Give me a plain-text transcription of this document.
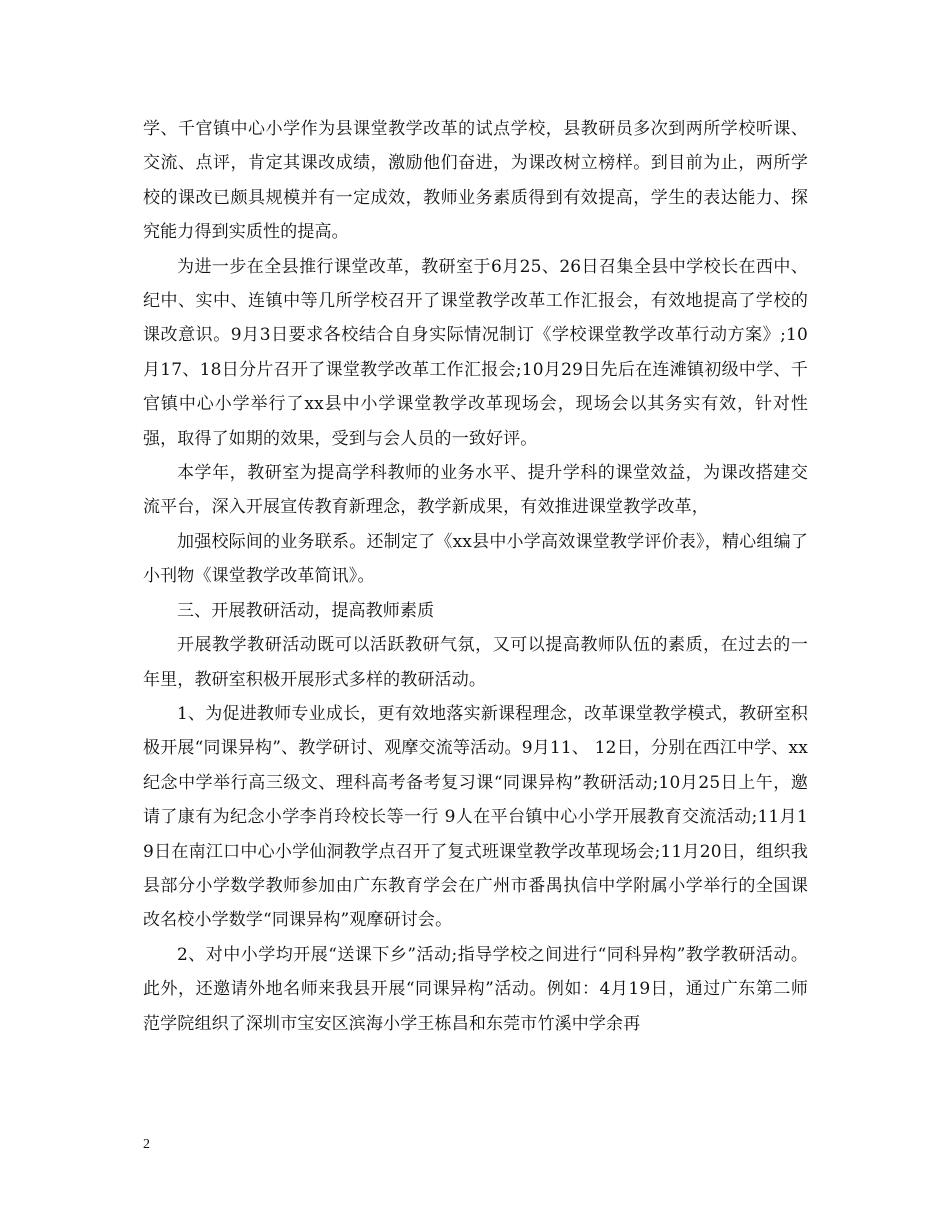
学、千官镇中心小学作为县课堂教学改革的试点学校，县教研员多次到两所学校听课、交流、点评，肯定其课改成绩，激励他们奋进，为课改树立榜样。到目前为止，两所学校的课改已颇具规模并有一定成效，教师业务素质得到有效提高，学生的表达能力、探究能力得到实质性的提高。

为进一步在全县推行课堂改革，教研室于6月25、26日召集全县中学校长在西中、纪中、实中、连镇中等几所学校召开了课堂教学改革工作汇报会，有效地提高了学校的课改意识。9月3日要求各校结合自身实际情况制订《学校课堂教学改革行动方案》;10月17、18日分片召开了课堂教学改革工作汇报会;10月29日先后在连滩镇初级中学、千官镇中心小学举行了xx县中小学课堂教学改革现场会，现场会以其务实有效，针对性强，取得了如期的效果，受到与会人员的一致好评。

本学年，教研室为提高学科教师的业务水平、提升学科的课堂效益，为课改搭建交流平台，深入开展宣传教育新理念，教学新成果，有效推进课堂教学改革，

加强校际间的业务联系。还制定了《xx县中小学高效课堂教学评价表》，精心组编了小刊物《课堂教学改革简讯》。

三、开展教研活动，提高教师素质

开展教学教研活动既可以活跃教研气氛，又可以提高教师队伍的素质，在过去的一年里，教研室积极开展形式多样的教研活动。

1、为促进教师专业成长，更有效地落实新课程理念，改革课堂教学模式，教研室积极开展“同课异构”、教学研讨、观摩交流等活动。9月11、 12日，分别在西江中学、xx纪念中学举行高三级文、理科高考备考复习课“同课异构”教研活动;10月25日上午，邀请了康有为纪念小学李肖玲校长等一行 9人在平台镇中心小学开展教育交流活动;11月19日在南江口中心小学仙洞教学点召开了复式班课堂教学改革现场会;11月20日，组织我县部分小学数学教师参加由广东教育学会在广州市番禺执信中学附属小学举行的全国课改名校小学数学“同课异构”观摩研讨会。

2、对中小学均开展“送课下乡”活动;指导学校之间进行“同科异构”教学教研活动。此外，还邀请外地名师来我县开展“同课异构”活动。例如：4月19日，通过广东第二师范学院组织了深圳市宝安区滨海小学王栋昌和东莞市竹溪中学余再

2
